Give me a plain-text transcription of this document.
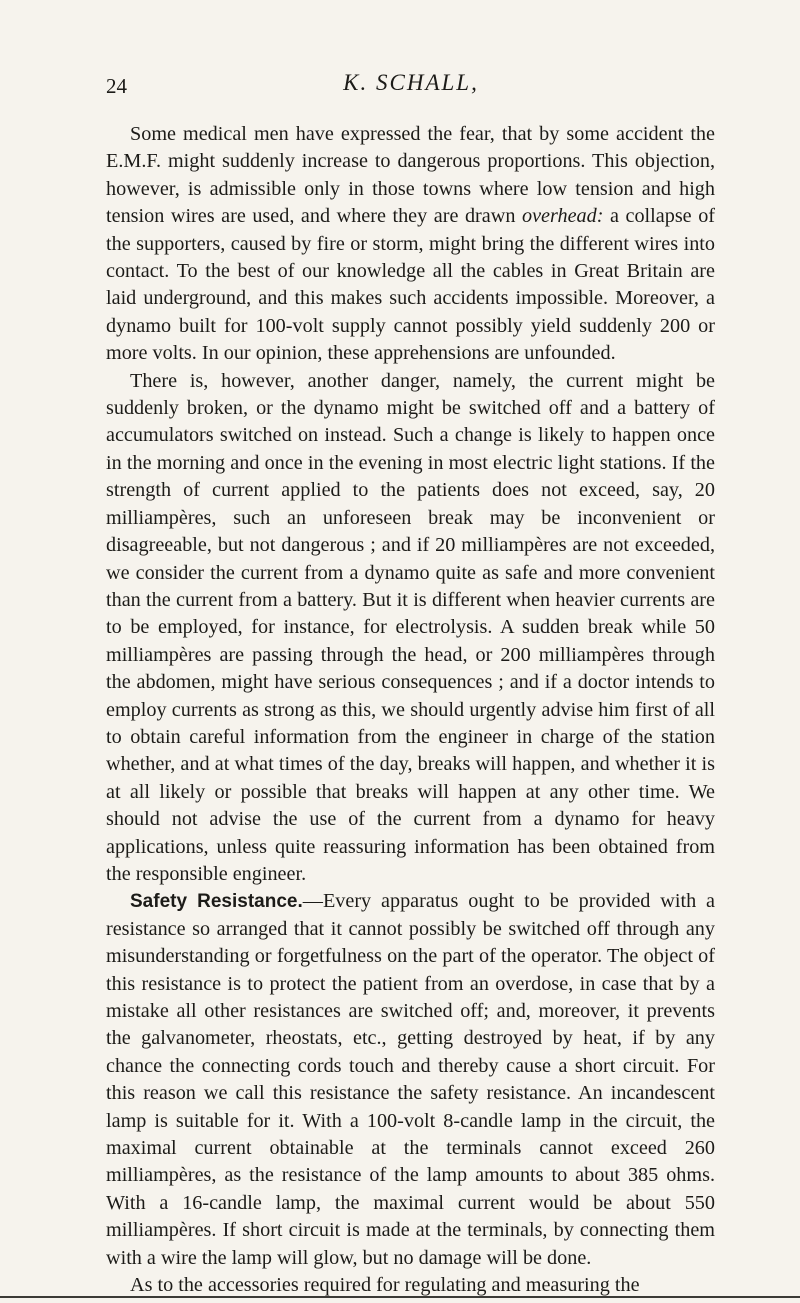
24	K. SCHALL,

Some medical men have expressed the fear, that by some accident the E.M.F. might suddenly increase to dangerous proportions. This objection, however, is admissible only in those towns where low tension and high tension wires are used, and where they are drawn overhead: a collapse of the supporters, caused by fire or storm, might bring the different wires into contact. To the best of our knowledge all the cables in Great Britain are laid underground, and this makes such accidents impossible. Moreover, a dynamo built for 100-volt supply cannot possibly yield suddenly 200 or more volts. In our opinion, these apprehensions are unfounded.

There is, however, another danger, namely, the current might be suddenly broken, or the dynamo might be switched off and a battery of accumulators switched on instead. Such a change is likely to happen once in the morning and once in the evening in most electric light stations. If the strength of current applied to the patients does not exceed, say, 20 milliampères, such an unforeseen break may be inconvenient or disagreeable, but not dangerous ; and if 20 milliampères are not exceeded, we consider the current from a dynamo quite as safe and more convenient than the current from a battery. But it is different when heavier currents are to be employed, for instance, for electrolysis. A sudden break while 50 milliampères are passing through the head, or 200 milliampères through the abdomen, might have serious consequences ; and if a doctor intends to employ currents as strong as this, we should urgently advise him first of all to obtain careful information from the engineer in charge of the station whether, and at what times of the day, breaks will happen, and whether it is at all likely or possible that breaks will happen at any other time. We should not advise the use of the current from a dynamo for heavy applications, unless quite reassuring information has been obtained from the responsible engineer.

Safety Resistance.—Every apparatus ought to be provided with a resistance so arranged that it cannot possibly be switched off through any misunderstanding or forgetfulness on the part of the operator. The object of this resistance is to protect the patient from an overdose, in case that by a mistake all other resistances are switched off; and, moreover, it prevents the galvanometer, rheostats, etc., getting destroyed by heat, if by any chance the connecting cords touch and thereby cause a short circuit. For this reason we call this resistance the safety resistance. An incandescent lamp is suitable for it. With a 100-volt 8-candle lamp in the circuit, the maximal current obtainable at the terminals cannot exceed 260 milliampères, as the resistance of the lamp amounts to about 385 ohms. With a 16-candle lamp, the maximal current would be about 550 milliampères. If short circuit is made at the terminals, by connecting them with a wire the lamp will glow, but no damage will be done.

As to the accessories required for regulating and measuring the
